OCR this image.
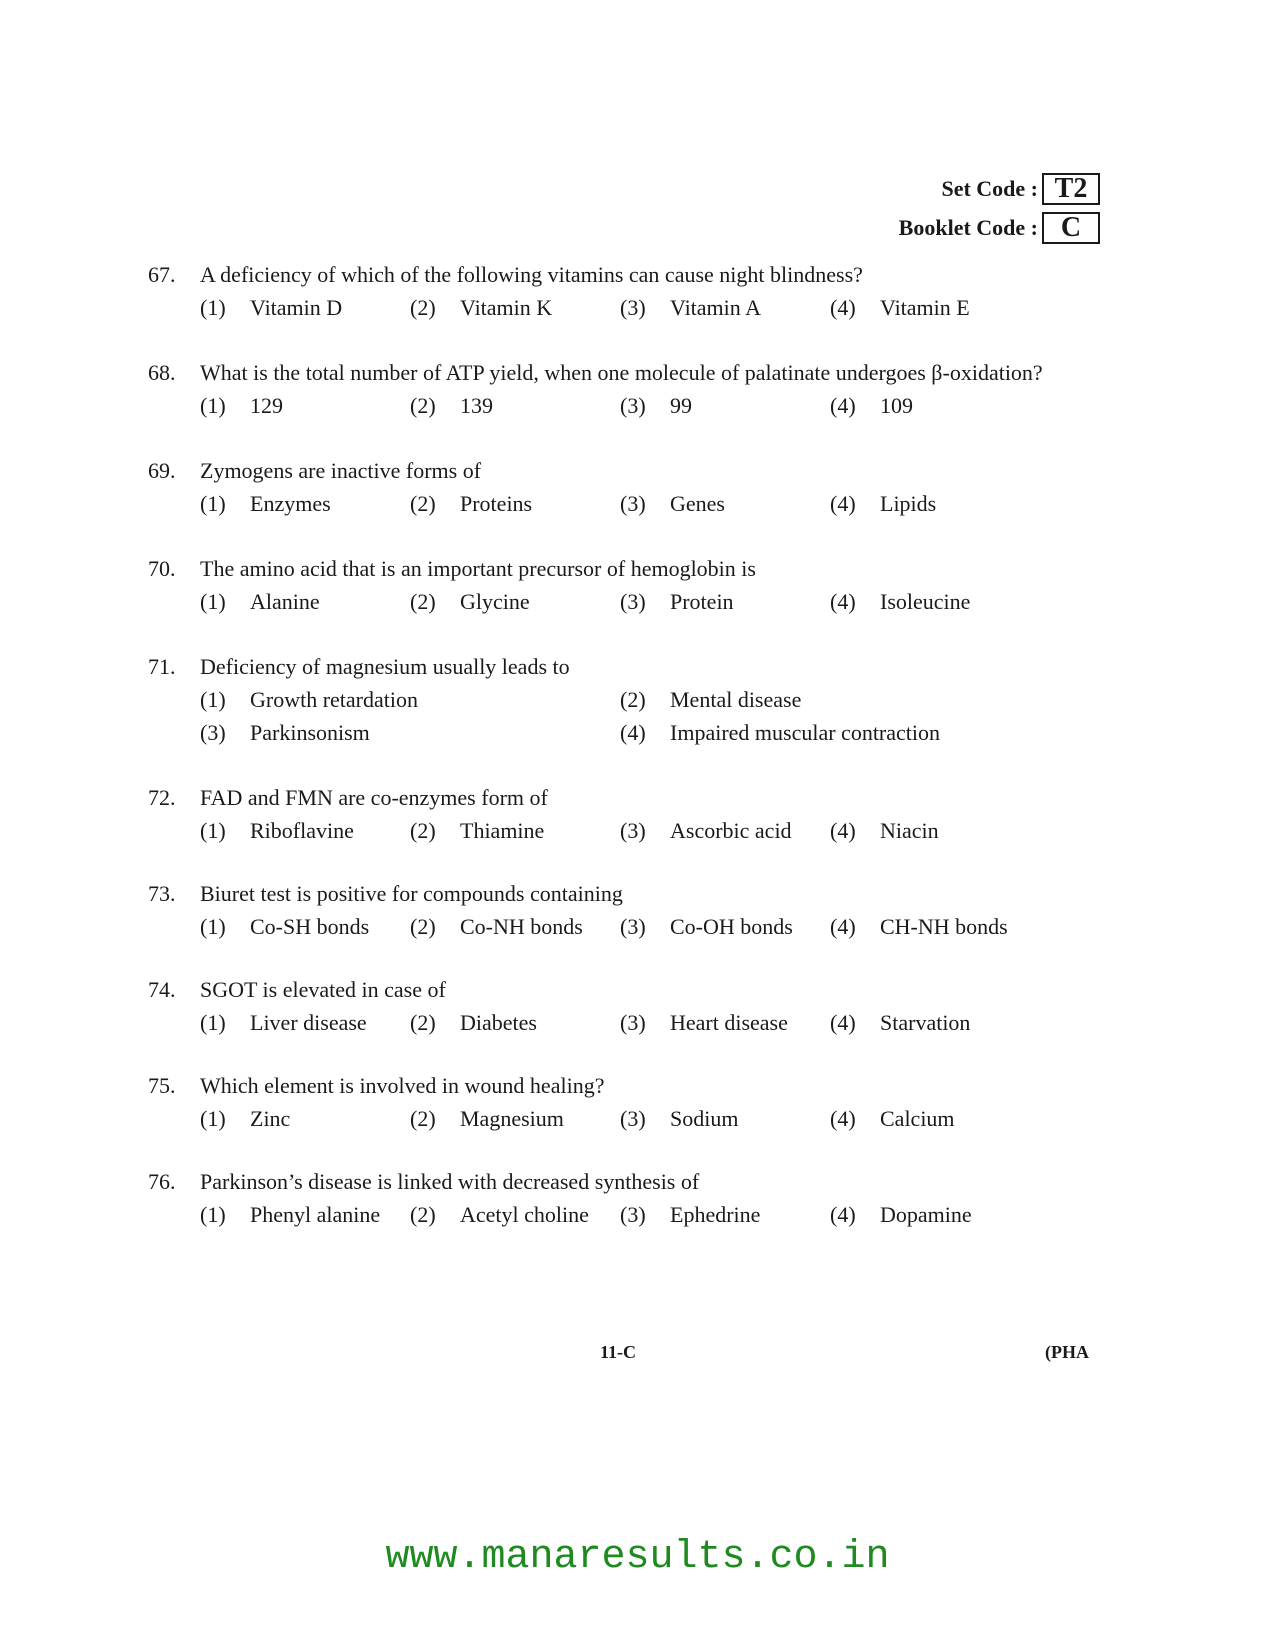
Set Code : T2
Booklet Code : C
67.	A deficiency of which of the following vitamins can cause night blindness?
(1)	Vitamin D	(2)	Vitamin K	(3)	Vitamin A	(4)	Vitamin E
68.	What is the total number of ATP yield, when one molecule of palatinate undergoes β-oxidation?
(1)	129	(2)	139	(3)	99	(4)	109
69.	Zymogens are inactive forms of
(1)	Enzymes	(2)	Proteins	(3)	Genes	(4)	Lipids
70.	The amino acid that is an important precursor of hemoglobin is
(1)	Alanine	(2)	Glycine	(3)	Protein	(4)	Isoleucine
71.	Deficiency of magnesium usually leads to
(1)	Growth retardation	(2)	Mental disease
(3)	Parkinsonism	(4)	Impaired muscular contraction
72.	FAD and FMN are co-enzymes form of
(1)	Riboflavine	(2)	Thiamine	(3)	Ascorbic acid (4)	Niacin
73.	Biuret test is positive for compounds containing
(1)	Co-SH bonds (2)	Co-NH bonds (3)	Co-OH bonds (4)	CH-NH bonds
74.	SGOT is elevated in case of
(1)	Liver disease (2)	Diabetes	(3)	Heart disease (4)	Starvation
75.	Which element is involved in wound healing?
(1)	Zinc	(2)	Magnesium	(3)	Sodium	(4)	Calcium
76.	Parkinson’s disease is linked with decreased synthesis of
(1)	Phenyl alanine (2)	Acetyl choline (3)	Ephedrine	(4)	Dopamine
11-C	(PHA
www.manaresults.co.in
